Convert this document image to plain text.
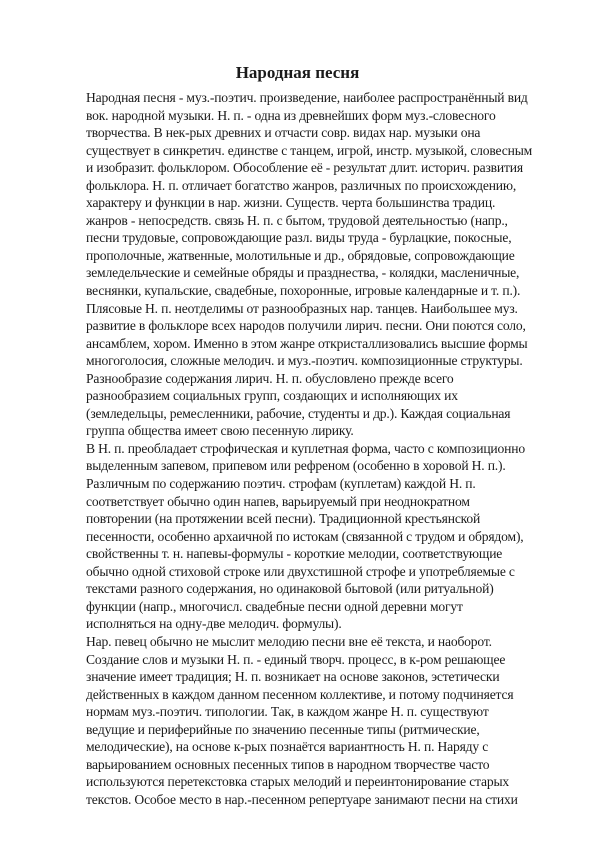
Народная песня
Народная песня - муз.-поэтич. произведение, наиболее распространённый вид
вок. народной музыки. Н. п. - одна из древнейших форм муз.-словесного
творчества. В нек-рых древних и отчасти совр. видах нар. музыки она
существует в синкретич. единстве с танцем, игрой, инстр. музыкой, словесным
и изобразит. фольклором. Обособление её - результат длит. историч. развития
фольклора. Н. п. отличает богатство жанров, различных по происхождению,
характеру и функции в нар. жизни. Существ. черта большинства традиц.
жанров - непосредств. связь Н. п. с бытом, трудовой деятельностью (напр.,
песни трудовые, сопровождающие разл. виды труда - бурлацкие, покосные,
прополочные, жатвенные, молотильные и др., обрядовые, сопровождающие
земледельческие и семейные обряды и празднества, - колядки, масленичные,
веснянки, купальские, свадебные, похоронные, игровые календарные и т. п.).
Плясовые Н. п. неотделимы от разнообразных нар. танцев. Наибольшее муз.
развитие в фольклоре всех народов получили лирич. песни. Они поются соло,
ансамблем, хором. Именно в этом жанре откристаллизовались высшие формы
многоголосия, сложные мелодич. и муз.-поэтич. композиционные структуры.
Разнообразие содержания лирич. Н. п. обусловлено прежде всего
разнообразием социальных групп, создающих и исполняющих их
(земледельцы, ремесленники, рабочие, студенты и др.). Каждая социальная
группа общества имеет свою песенную лирику.
В Н. п. преобладает строфическая и куплетная форма, часто с композиционно
выделенным запевом, припевом или рефреном (особенно в хоровой Н. п.).
Различным по содержанию поэтич. строфам (куплетам) каждой Н. п.
соответствует обычно один напев, варьируемый при неоднократном
повторении (на протяжении всей песни). Традиционной крестьянской
песенности, особенно архаичной по истокам (связанной с трудом и обрядом),
свойственны т. н. напевы-формулы - короткие мелодии, соответствующие
обычно одной стиховой строке или двухстишной строфе и употребляемые с
текстами разного содержания, но одинаковой бытовой (или ритуальной)
функции (напр., многочисл. свадебные песни одной деревни могут
исполняться на одну-две мелодич. формулы).
Нар. певец обычно не мыслит мелодию песни вне её текста, и наоборот.
Создание слов и музыки Н. п. - единый творч. процесс, в к-ром решающее
значение имеет традиция; Н. п. возникает на основе законов, эстетически
действенных в каждом данном песенном коллективе, и потому подчиняется
нормам муз.-поэтич. типологии. Так, в каждом жанре Н. п. существуют
ведущие и периферийные по значению песенные типы (ритмические,
мелодические), на основе к-рых познаётся вариантность Н. п. Наряду с
варьированием основных песенных типов в народном творчестве часто
используются перетекстовка старых мелодий и переинтонирование старых
текстов. Особое место в нар.-песенном репертуаре занимают песни на стихи
